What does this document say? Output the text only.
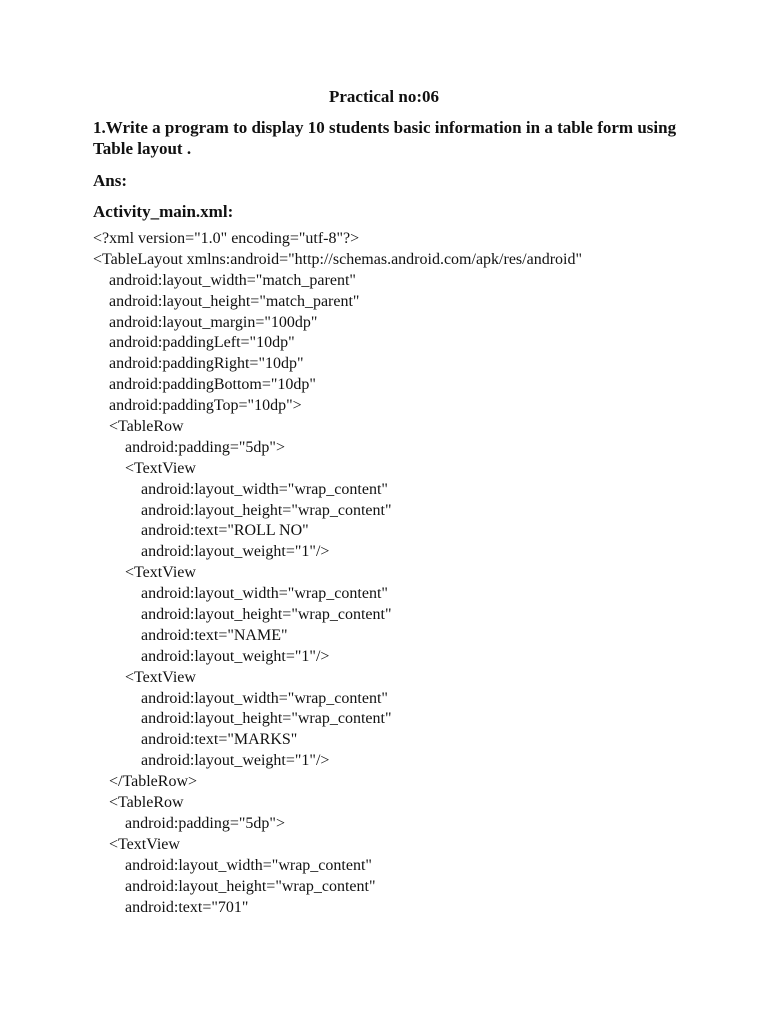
Practical no:06
1.Write a program to display 10 students basic information in a table form using Table layout .
Ans:
Activity_main.xml:
<?xml version="1.0" encoding="utf-8"?>
<TableLayout xmlns:android="http://schemas.android.com/apk/res/android"
android:layout_width="match_parent"
android:layout_height="match_parent"
android:layout_margin="100dp"
android:paddingLeft="10dp"
android:paddingRight="10dp"
android:paddingBottom="10dp"
android:paddingTop="10dp">
<TableRow
android:padding="5dp">
<TextView
android:layout_width="wrap_content"
android:layout_height="wrap_content"
android:text="ROLL NO"
android:layout_weight="1"/>
<TextView
android:layout_width="wrap_content"
android:layout_height="wrap_content"
android:text="NAME"
android:layout_weight="1"/>
<TextView
android:layout_width="wrap_content"
android:layout_height="wrap_content"
android:text="MARKS"
android:layout_weight="1"/>
</TableRow>
<TableRow
android:padding="5dp">
<TextView
android:layout_width="wrap_content"
android:layout_height="wrap_content"
android:text="701"
